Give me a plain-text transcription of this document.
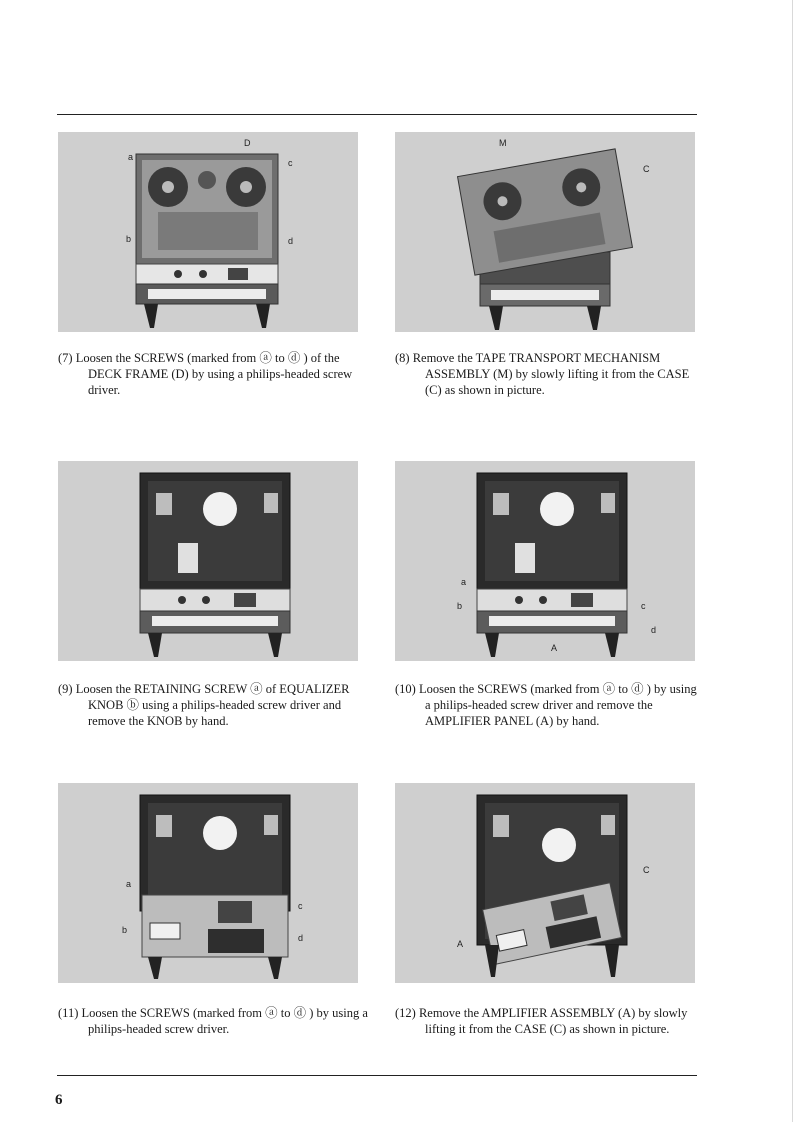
a
D
c
b	d
M
C
(7) Loosen the SCREWS (marked from ⓐ to ⓓ ) of the DECK FRAME (D) by using a philips-headed screw driver.
(8) Remove the TAPE TRANSPORT MECHANISM ASSEMBLY (M) by slowly lifting it from the CASE (C) as shown in picture.
a
b	c
d
A
(9) Loosen the RETAINING SCREW ⓐ of EQUALIZER KNOB ⓑ using a philips-headed screw driver and remove the KNOB by hand.
(10) Loosen the SCREWS (marked from ⓐ to ⓓ ) by using a philips-headed screw driver and remove the AMPLIFIER PANEL (A) by hand.
a
b
c
d
C
A
(11) Loosen the SCREWS (marked from ⓐ to ⓓ ) by using a philips-headed screw driver.
(12) Remove the AMPLIFIER ASSEMBLY (A) by slowly lifting it from the CASE (C) as shown in picture.
6
